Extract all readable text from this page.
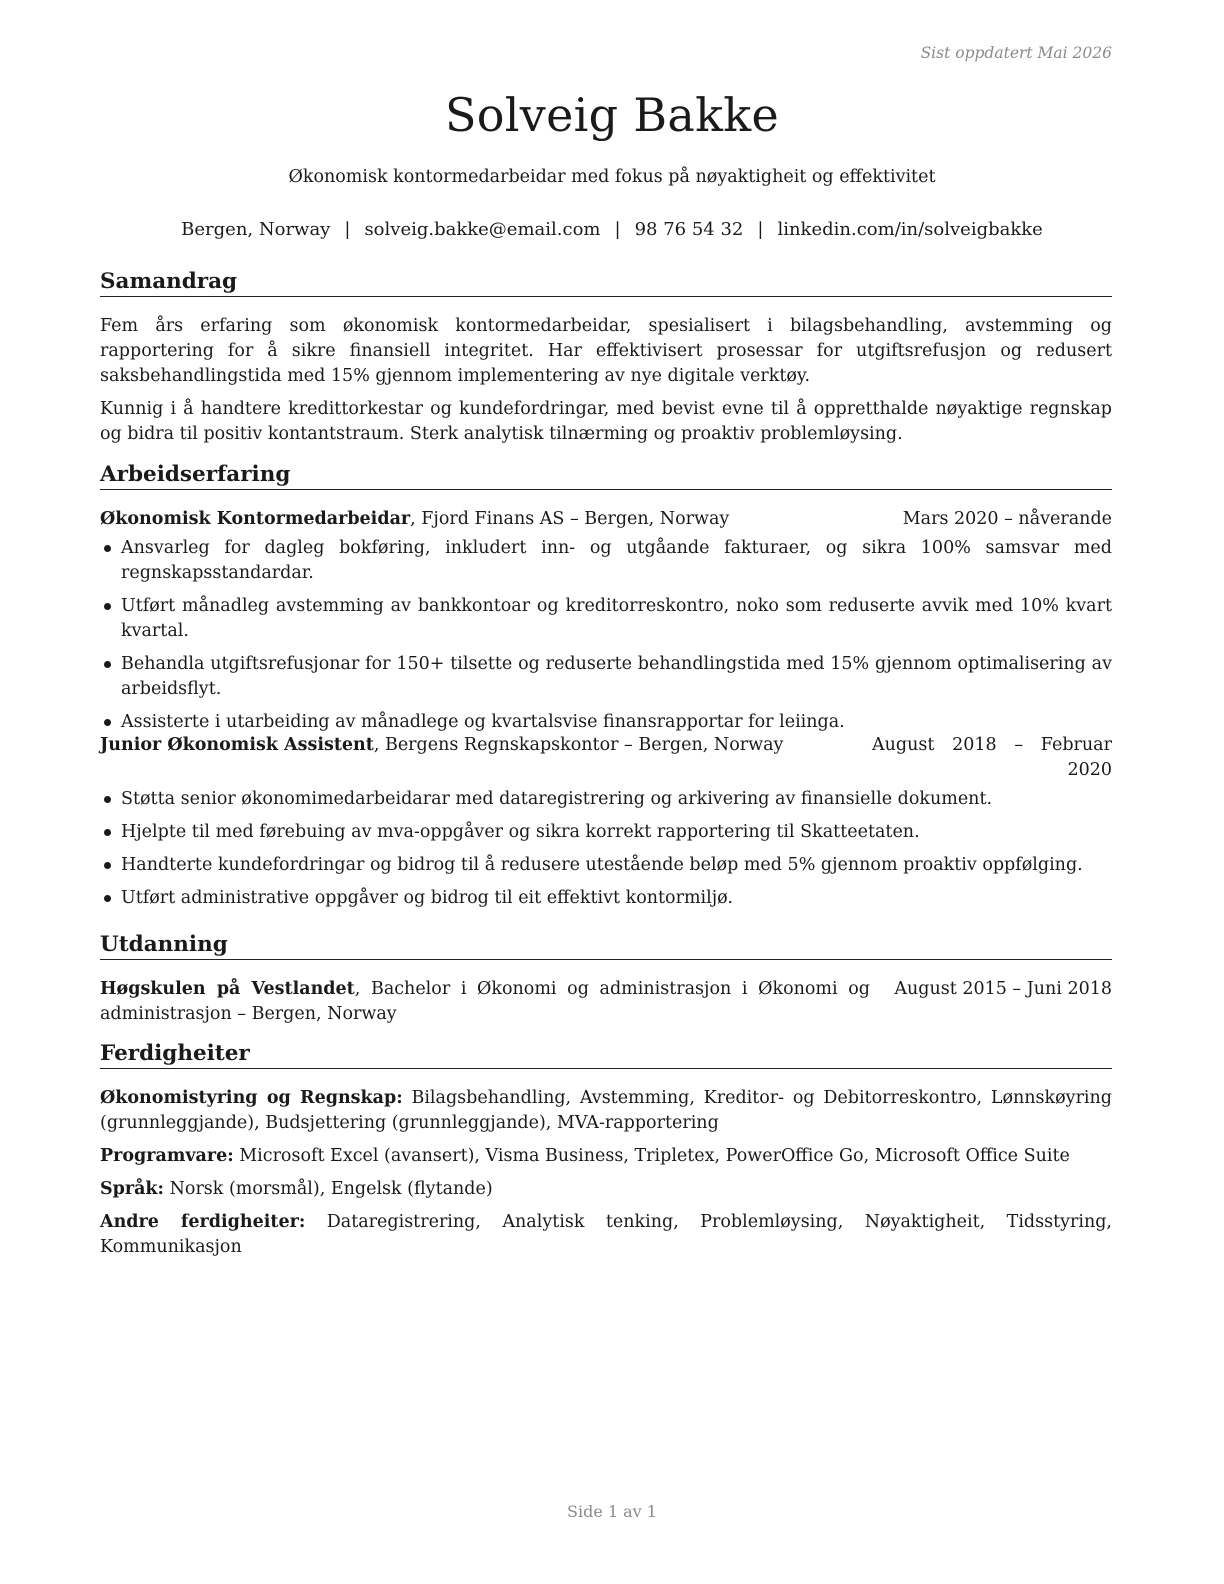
Sist oppdatert Mai 2026
Solveig Bakke
Økonomisk kontormedarbeidar med fokus på nøyaktigheit og effektivitet
Bergen, Norway | solveig.bakke@email.com | 98 76 54 32 | linkedin.com/in/solveigbakke
Samandrag

Fem års erfaring som økonomisk kontormedarbeidar, spesialisert i bilagsbehandling, avstemming og rapportering for å sikre finansiell integritet. Har effektivisert prosessar for utgiftsrefusjon og redusert saksbehandlingstida med 15% gjennom implementering av nye digitale verktøy.

Kunnig i å handtere kredittorkestar og kundefordringar, med bevist evne til å oppretthalde nøyaktige regnskap og bidra til positiv kontantstraum. Sterk analytisk tilnærming og proaktiv problemløysing.

Arbeidserfaring
Økonomisk Kontormedarbeidar, Fjord Finans AS – Bergen, Norway	Mars 2020 – nåverande
Ansvarleg for dagleg bokføring, inkludert inn- og utgåande fakturaer, og sikra 100% samsvar med regnskapsstandardar.
Utført månadleg avstemming av bankkontoar og kreditorreskontro, noko som reduserte avvik med 10% kvart kvartal.
Behandla utgiftsrefusjonar for 150+ tilsette og reduserte behandlingstida med 15% gjennom optimalisering av arbeidsflyt.
Assisterte i utarbeiding av månadlege og kvartalsvise finansrapportar for leiinga.
Junior Økonomisk Assistent, Bergens Regnskapskontor – Bergen, Norway	August 2018 – Februar 2020
Støtta senior økonomimedarbeidarar med dataregistrering og arkivering av finansielle dokument.
Hjelpte til med førebuing av mva-oppgåver og sikra korrekt rapportering til Skatteetaten.
Handterte kundefordringar og bidrog til å redusere utestående beløp med 5% gjennom proaktiv oppfølging.
Utført administrative oppgåver og bidrog til eit effektivt kontormiljø.
Utdanning
Høgskulen på Vestlandet, Bachelor i Økonomi og administrasjon i Økonomi og administrasjon – Bergen, Norway
August 2015 – Juni 2018
Ferdigheiter

Økonomistyring og Regnskap: Bilagsbehandling, Avstemming, Kreditor- og Debitorreskontro, Lønnskøyring (grunnleggjande), Budsjettering (grunnleggjande), MVA-rapportering

Programvare: Microsoft Excel (avansert), Visma Business, Tripletex, PowerOffice Go, Microsoft Office Suite

Språk: Norsk (morsmål), Engelsk (flytande)

Andre ferdigheiter: Dataregistrering, Analytisk tenking, Problemløysing, Nøyaktigheit, Tidsstyring, Kommunikasjon

Side 1 av 1
